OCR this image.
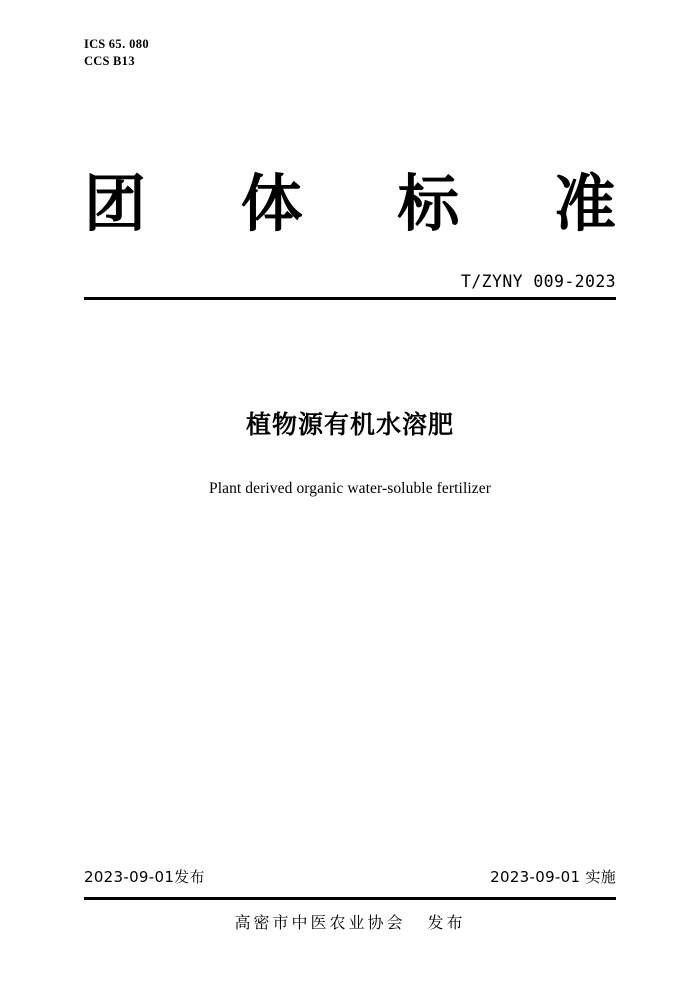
ICS 65. 080
CCS B13
团 体 标 准
T/ZYNY 009-2023
植物源有机水溶肥
Plant derived organic water-soluble fertilizer
2023-09-01发布	2023-09-01 实施
高密市中医农业协会 发布
